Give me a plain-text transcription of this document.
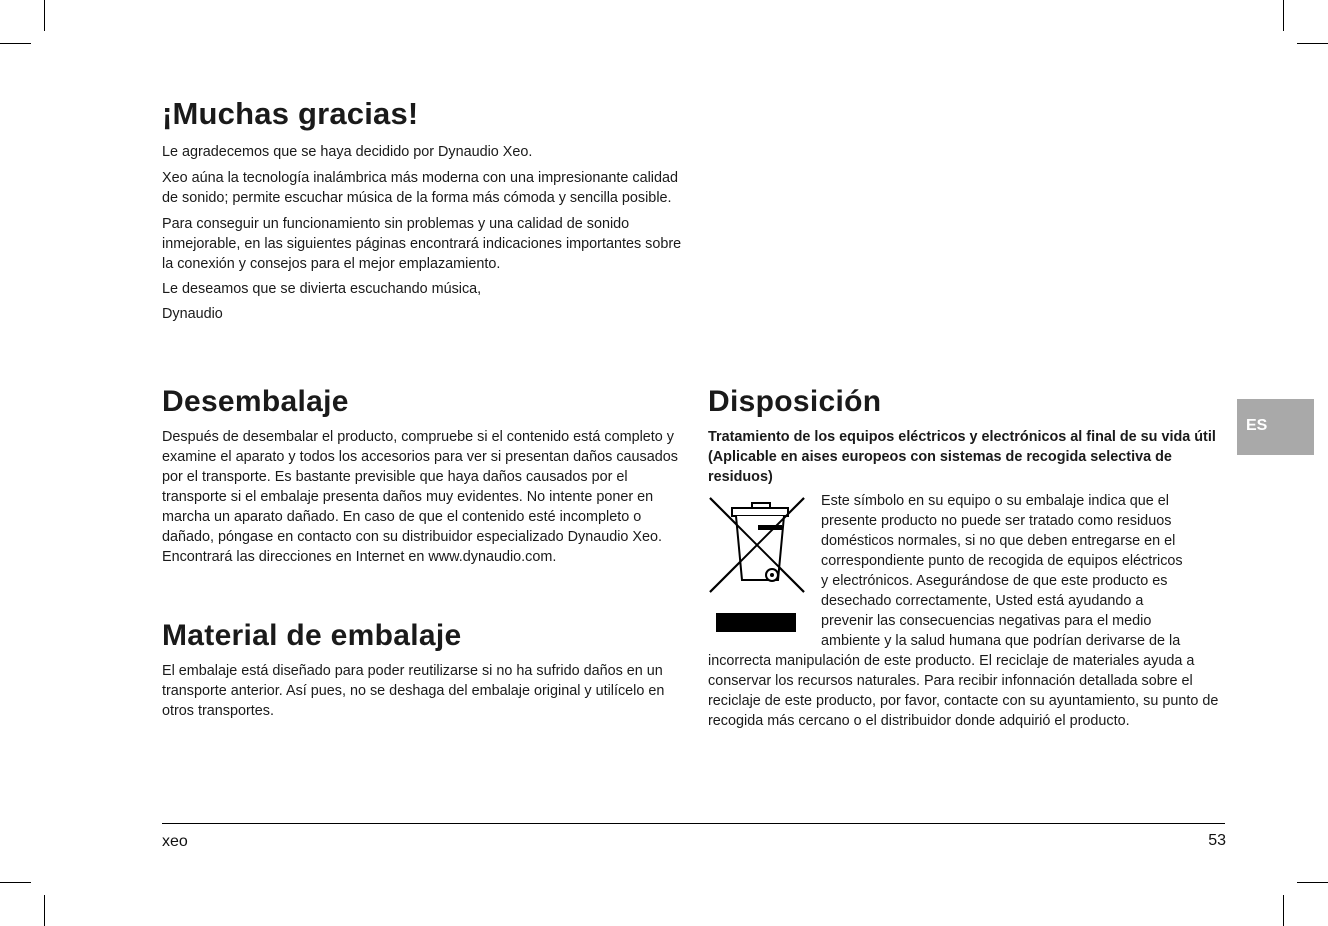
¡Muchas gracias!

Le agradecemos que se haya decidido por Dynaudio Xeo.

Xeo aúna la tecnología inalámbrica más moderna con una impresionante calidad de sonido; permite escuchar música de la forma más cómoda y sencilla posible.

Para conseguir un funcionamiento sin problemas y una calidad de sonido inmejorable, en las siguientes páginas encontrará indicaciones importantes sobre la conexión y consejos para el mejor emplazamiento.

Le deseamos que se divierta escuchando música,

Dynaudio

Desembalaje

Después de desembalar el producto, compruebe si el contenido está completo y examine el aparato y todos los accesorios para ver si presentan daños causados por el transporte. Es bastante previsible que haya daños causados por el transporte si el embalaje presenta daños muy evidentes. No intente poner en marcha un aparato dañado. En caso de que el contenido esté incompleto o dañado, póngase en contacto con su distribuidor especializado Dynaudio Xeo. Encontrará las direcciones en Internet en www.dynaudio.com.

Material de embalaje

El embalaje está diseñado para poder reutilizarse si no ha sufrido daños en un transporte anterior. Así pues, no se deshaga del embalaje original y utilícelo en otros transportes.

Disposición

Tratamiento de los equipos eléctricos y electrónicos al final de su vida útil (Aplicable en aises europeos con sistemas de recogida selectiva de residuos)

Este símbolo en su equipo o su embalaje indica que el

presente producto no puede ser tratado como residuos

domésticos normales, si no que deben entregarse en el

correspondiente punto de recogida de equipos eléctricos

y electrónicos. Asegurándose de que este producto es

desechado correctamente, Usted está ayudando a

prevenir las consecuencias negativas para el medio

ambiente y la salud humana que podrían derivarse de la

incorrecta manipulación de este producto. El reciclaje de materiales ayuda a conservar los recursos naturales. Para recibir infonnación detallada sobre el reciclaje de este producto, por favor, contacte con su ayuntamiento, su punto de recogida más cercano o el distribuidor donde adquirió el producto.

ES
xeo	53
